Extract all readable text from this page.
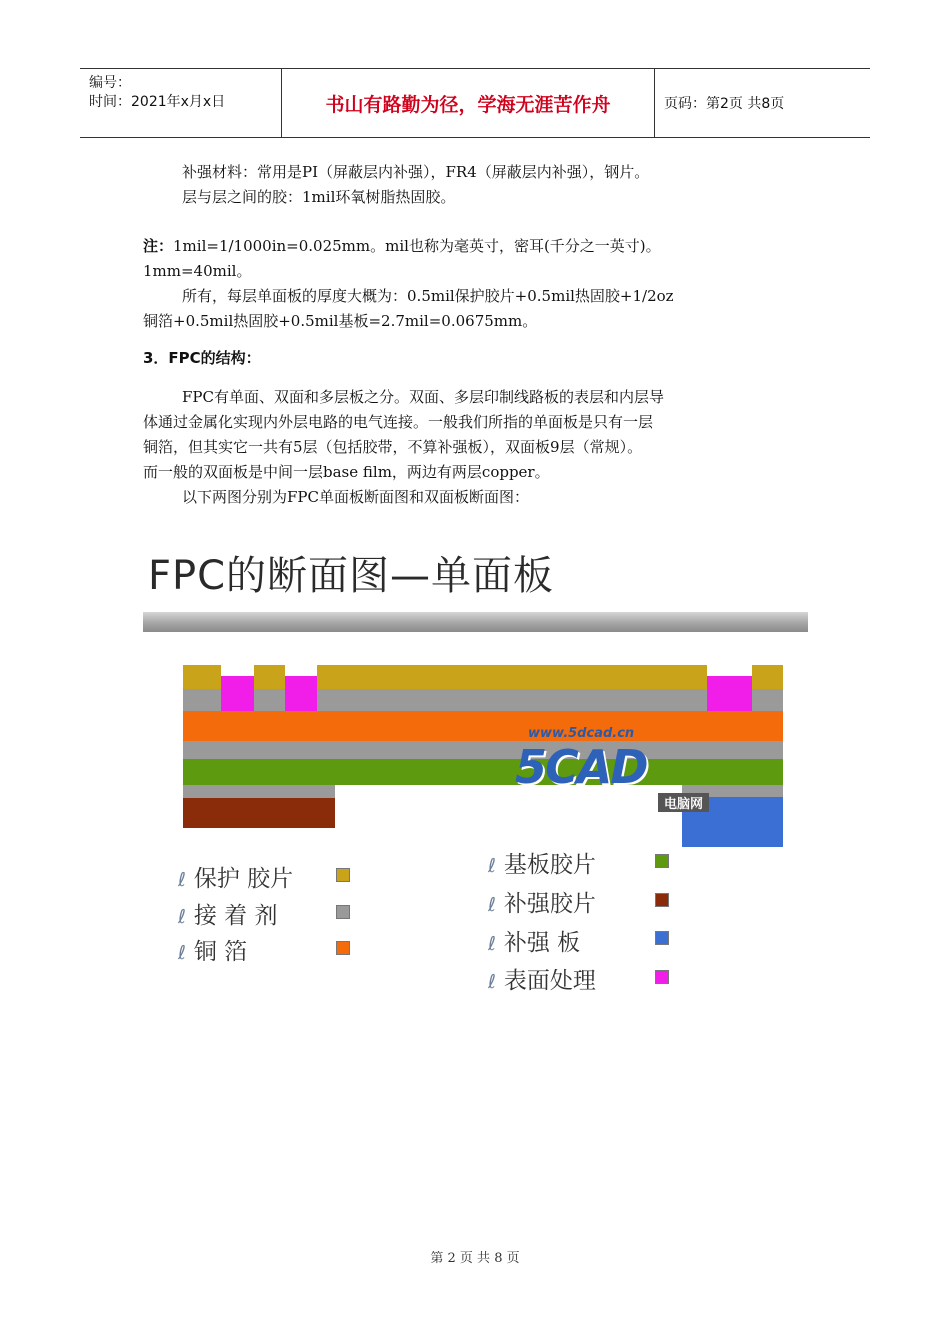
编号：
时间：2021年x月x日	书山有路勤为径，学海无涯苦作舟	页码：第2页 共8页
补强材料：常用是PI（屏蔽层内补强），FR4（屏蔽层内补强），钢片。
层与层之间的胶：1mil环氧树脂热固胶。
注：1mil=1/1000in=0.025mm。mil也称为毫英寸，密耳(千分之一英寸)。
1mm=40mil。
所有，每层单面板的厚度大概为：0.5mil保护胶片+0.5mil热固胶+1/2oz
铜箔+0.5mil热固胶+0.5mil基板=2.7mil=0.0675mm。
3．FPC的结构：
FPC有单面、双面和多层板之分。双面、多层印制线路板的表层和内层导
体通过金属化实现内外层电路的电气连接。一般我们所指的单面板是只有一层
铜箔，但其实它一共有5层（包括胶带，不算补强板），双面板9层（常规）。
而一般的双面板是中间一层base film，两边有两层copper。
以下两图分别为FPC单面板断面图和双面板断面图：
FPC的断面图—单面板
www.5dcad.cn
5CAD
电脑网
ℓ 保护 胶片
ℓ 接 着 剂
ℓ 铜 箔
ℓ 基板胶片
ℓ 补强胶片
ℓ 补强 板
ℓ 表面处理
第 2 页 共 8 页
